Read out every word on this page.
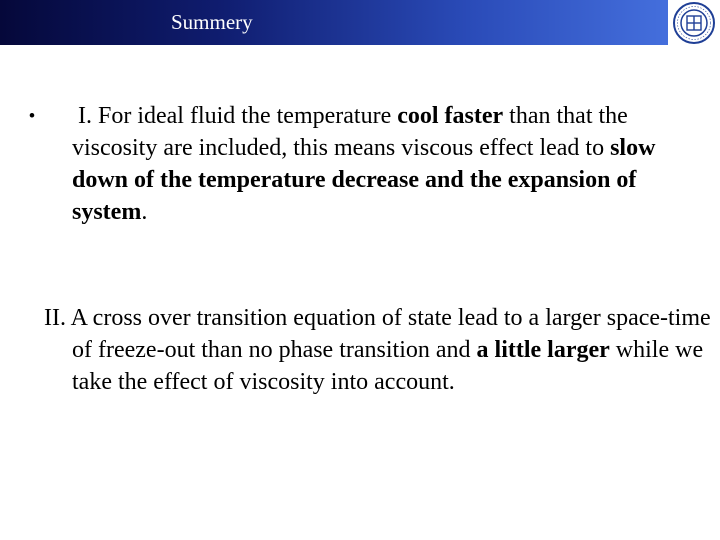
Summery
• I. For ideal fluid the temperature cool faster than that the viscosity are included, this means viscous effect lead to slow down of the temperature decrease and the expansion of system.
II. A cross over transition equation of state lead to a larger space-time of freeze-out than no phase transition and a little larger while we take the effect of viscosity into account.
